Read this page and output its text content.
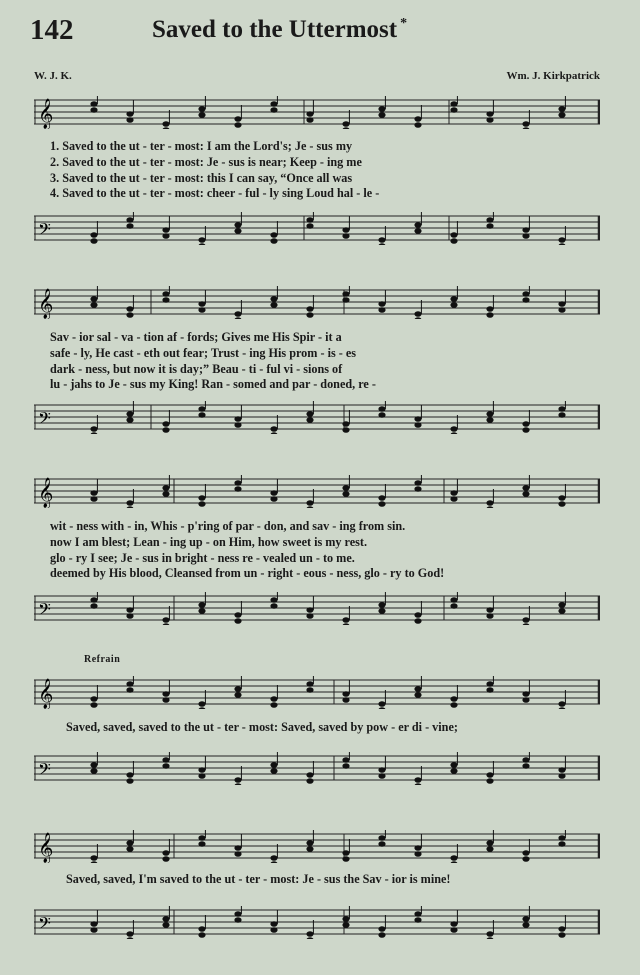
142	Saved to the Uttermost *
W. J. K.	Wm. J. Kirkpatrick
𝄞
1. Saved to the ut - ter - most: I am the Lord's; Je - sus my
2. Saved to the ut - ter - most: Je - sus is near; Keep - ing me
3. Saved to the ut - ter - most: this I can say, “Once all was
4. Saved to the ut - ter - most: cheer - ful - ly sing Loud hal - le -
𝄢
𝄞
Sav - ior sal - va - tion af - fords; Gives me His Spir - it a
safe - ly, He cast - eth out fear; Trust - ing His prom - is - es
dark - ness, but now it is day;” Beau - ti - ful vi - sions of
lu - jahs to Je - sus my King! Ran - somed and par - doned, re -
𝄢
𝄞
wit - ness with - in, Whis - p'ring of par - don, and sav - ing from sin.
now I am blest; Lean - ing up - on Him, how sweet is my rest.
glo - ry I see; Je - sus in bright - ness re - vealed un - to me.
deemed by His blood, Cleansed from un - right - eous - ness, glo - ry to God!
𝄢
Refrain
𝄞
Saved, saved, saved to the ut - ter - most: Saved, saved by pow - er di - vine;
𝄢
𝄞
Saved, saved, I'm saved to the ut - ter - most: Je - sus the Sav - ior is mine!
𝄢
